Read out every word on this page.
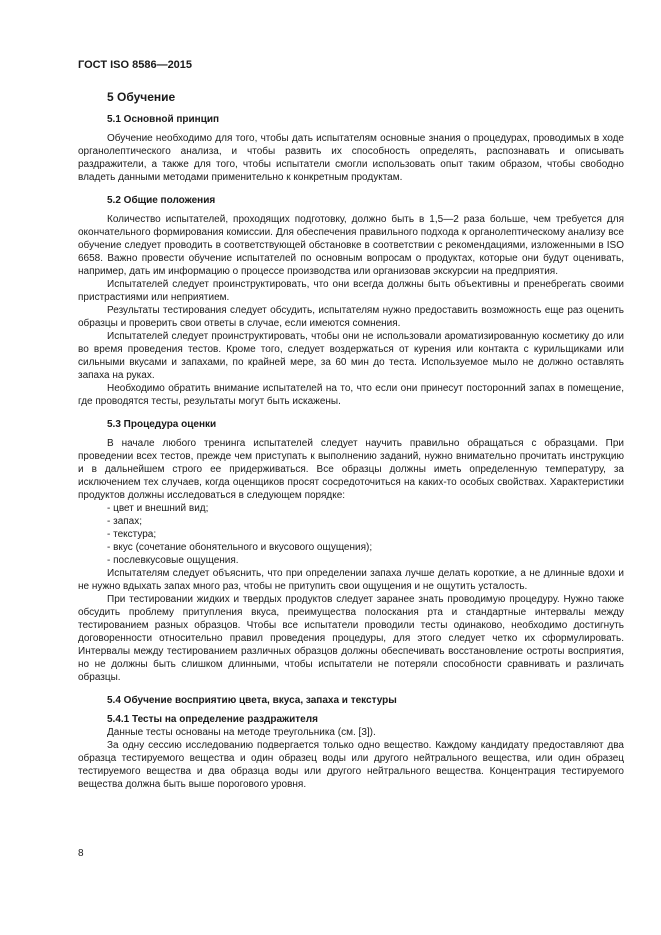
ГОСТ ISO 8586—2015
5 Обучение
5.1 Основной принцип

Обучение необходимо для того, чтобы дать испытателям основные знания о процедурах, проводимых в ходе органолептического анализа, и чтобы развить их способность определять, распознавать и описывать раздражители, а также для того, чтобы испытатели смогли использовать опыт таким образом, чтобы свободно владеть данными методами применительно к конкретным продуктам.

5.2 Общие положения

Количество испытателей, проходящих подготовку, должно быть в 1,5—2 раза больше, чем требуется для окончательного формирования комиссии. Для обеспечения правильного подхода к органолептическому анализу все обучение следует проводить в соответствующей обстановке в соответствии с рекомендациями, изложенными в ISO 6658. Важно провести обучение испытателей по основным вопросам о продуктах, которые они будут оценивать, например, дать им информацию о процессе производства или организовав экскурсии на предприятия.

Испытателей следует проинструктировать, что они всегда должны быть объективны и пренебрегать своими пристрастиями или неприятием.

Результаты тестирования следует обсудить, испытателям нужно предоставить возможность еще раз оценить образцы и проверить свои ответы в случае, если имеются сомнения.

Испытателей следует проинструктировать, чтобы они не использовали ароматизированную косметику до или во время проведения тестов. Кроме того, следует воздержаться от курения или контакта с курильщиками или сильными вкусами и запахами, по крайней мере, за 60 мин до теста. Используемое мыло не должно оставлять запаха на руках.

Необходимо обратить внимание испытателей на то, что если они принесут посторонний запах в помещение, где проводятся тесты, результаты могут быть искажены.

5.3 Процедура оценки

В начале любого тренинга испытателей следует научить правильно обращаться с образцами. При проведении всех тестов, прежде чем приступать к выполнению заданий, нужно внимательно прочитать инструкцию и в дальнейшем строго ее придерживаться. Все образцы должны иметь определенную температуру, за исключением тех случаев, когда оценщиков просят сосредоточиться на каких-то особых свойствах. Характеристики продуктов должны исследоваться в следующем порядке:

- цвет и внешний вид;
- запах;
- текстура;
- вкус (сочетание обонятельного и вкусового ощущения);
- послевкусовые ощущения.

Испытателям следует объяснить, что при определении запаха лучше делать короткие, а не длинные вдохи и не нужно вдыхать запах много раз, чтобы не притупить свои ощущения и не ощутить усталость.

При тестировании жидких и твердых продуктов следует заранее знать проводимую процедуру. Нужно также обсудить проблему притупления вкуса, преимущества полоскания рта и стандартные интервалы между тестированием разных образцов. Чтобы все испытатели проводили тесты одинаково, необходимо достигнуть договоренности относительно правил проведения процедуры, для этого следует четко их сформулировать. Интервалы между тестированием различных образцов должны обеспечивать восстановление остроты восприятия, но не должны быть слишком длинными, чтобы испытатели не потеряли способности сравнивать и различать образцы.

5.4 Обучение восприятию цвета, вкуса, запаха и текстуры
5.4.1 Тесты на определение раздражителя

Данные тесты основаны на методе треугольника (см. [3]).

За одну сессию исследованию подвергается только одно вещество. Каждому кандидату предоставляют два образца тестируемого вещества и один образец воды или другого нейтрального вещества, или один образец тестируемого вещества и два образца воды или другого нейтрального вещества. Концентрация тестируемого вещества должна быть выше порогового уровня.

8
